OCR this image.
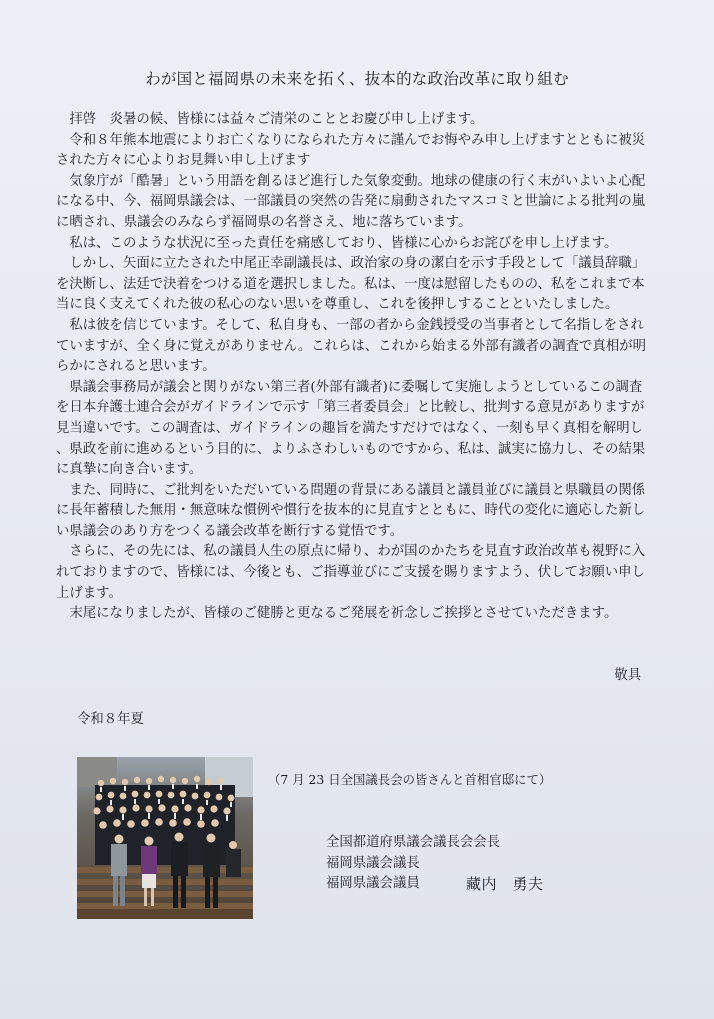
わが国と福岡県の未来を拓く、抜本的な政治改革に取り組む

拝啓　炎暑の候、皆様には益々ご清栄のこととお慶び申し上げます。

令和８年熊本地震によりお亡くなりになられた方々に謹んでお悔やみ申し上げますとともに被災された方々に心よりお見舞い申し上げます

気象庁が「酷暑」という用語を創るほど進行した気象変動。地球の健康の行く末がいよいよ心配になる中、今、福岡県議会は、一部議員の突然の告発に扇動されたマスコミと世論による批判の嵐に晒され、県議会のみならず福岡県の名誉さえ、地に落ちています。

私は、このような状況に至った責任を痛感しており、皆様に心からお詫びを申し上げます。

しかし、矢面に立たされた中尾正幸副議長は、政治家の身の潔白を示す手段として「議員辞職」を決断し、法廷で決着をつける道を選択しました。私は、一度は慰留したものの、私をこれまで本当に良く支えてくれた彼の私心のない思いを尊重し、これを後押しすることといたしました。

私は彼を信じています。そして、私自身も、一部の者から金銭授受の当事者として名指しをされていますが、全く身に覚えがありません。これらは、これから始まる外部有識者の調査で真相が明らかにされると思います。

県議会事務局が議会と関りがない第三者(外部有識者)に委嘱して実施しようとしているこの調査を日本弁護士連合会がガイドラインで示す「第三者委員会」と比較し、批判する意見がありますが見当違いです。この調査は、ガイドラインの趣旨を満たすだけではなく、一刻も早く真相を解明し、県政を前に進めるという目的に、よりふさわしいものですから、私は、誠実に協力し、その結果に真摯に向き合います。

また、同時に、ご批判をいただいている問題の背景にある議員と議員並びに議員と県職員の関係に長年蓄積した無用・無意味な慣例や慣行を抜本的に見直すとともに、時代の変化に適応した新しい県議会のあり方をつくる議会改革を断行する覚悟です。

さらに、その先には、私の議員人生の原点に帰り、わが国のかたちを見直す政治改革も視野に入れておりますので、皆様には、今後とも、ご指導並びにご支援を賜りますよう、伏してお願い申し上げます。

末尾になりましたが、皆様のご健勝と更なるご発展を祈念しご挨拶とさせていただきます。

敬具
令和８年夏
（7 月 23 日全国議長会の皆さんと首相官邸にて）
全国都道府県議会議長会会長
福岡県議会議長
福岡県議会議員	藏内　勇夫
